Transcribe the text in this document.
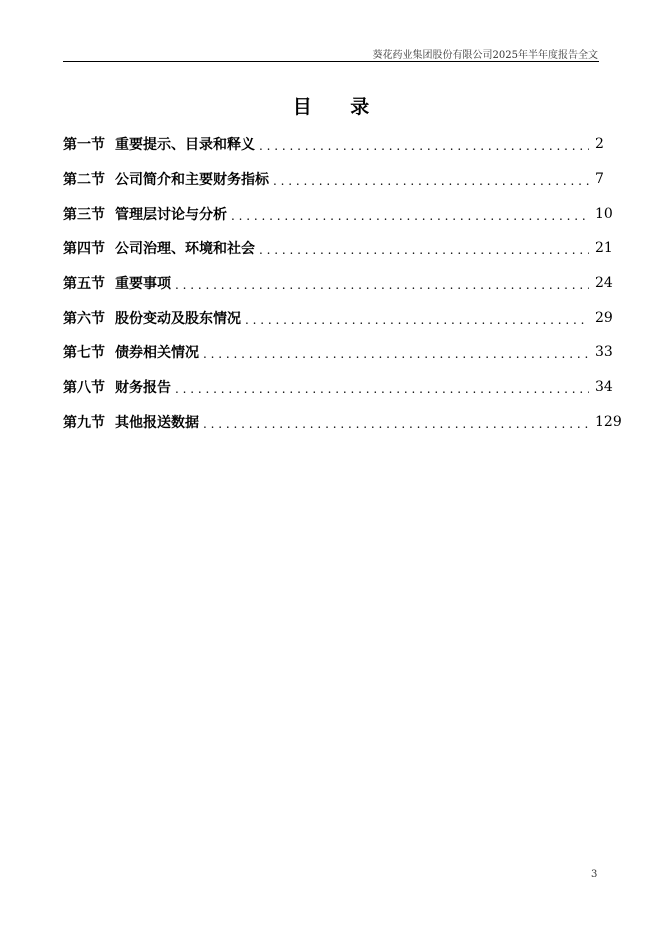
葵花药业集团股份有限公司2025年半年度报告全文
目 录
第一节 重要提示、目录和释义 . . .	2
第二节 公司简介和主要财务指标 . . .	7
第三节 管理层讨论与分析 . . .	10
第四节 公司治理、环境和社会 . . .	21
第五节 重要事项 . . .	24
第六节 股份变动及股东情况 . . .	29
第七节 债券相关情况 . . .	33
第八节 财务报告 . . .	34
第九节 其他报送数据 . . .	129
3
